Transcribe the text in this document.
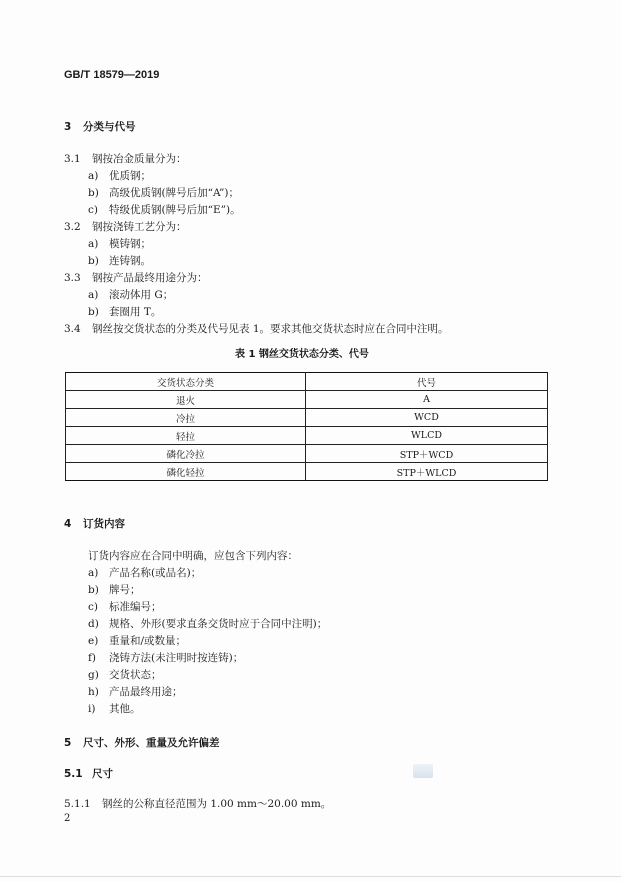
GB/T 18579—2019
3 分类与代号
3.1 钢按冶金质量分为：
a) 优质钢；
b) 高级优质钢(牌号后加“A”)；
c) 特级优质钢(牌号后加“E”)。
3.2 钢按浇铸工艺分为：
a) 模铸钢；
b) 连铸钢。
3.3 钢按产品最终用途分为：
a) 滚动体用 G；
b) 套圈用 T。
3.4 钢丝按交货状态的分类及代号见表 1。要求其他交货状态时应在合同中注明。
表 1 钢丝交货状态分类、代号
交货状态分类	代号
退火	A
冷拉	WCD
轻拉	WLCD
磷化冷拉	STP＋WCD
磷化轻拉	STP＋WLCD
4 订货内容
订货内容应在合同中明确，应包含下列内容：
a) 产品名称(或品名)；
b) 牌号；
c) 标准编号；
d) 规格、外形(要求直条交货时应于合同中注明)；
e) 重量和/或数量；
f) 浇铸方法(未注明时按连铸)；
g) 交货状态；
h) 产品最终用途；
i) 其他。
5 尺寸、外形、重量及允许偏差
5.1 尺寸
5.1.1 钢丝的公称直径范围为 1.00 mm～20.00 mm。
2
